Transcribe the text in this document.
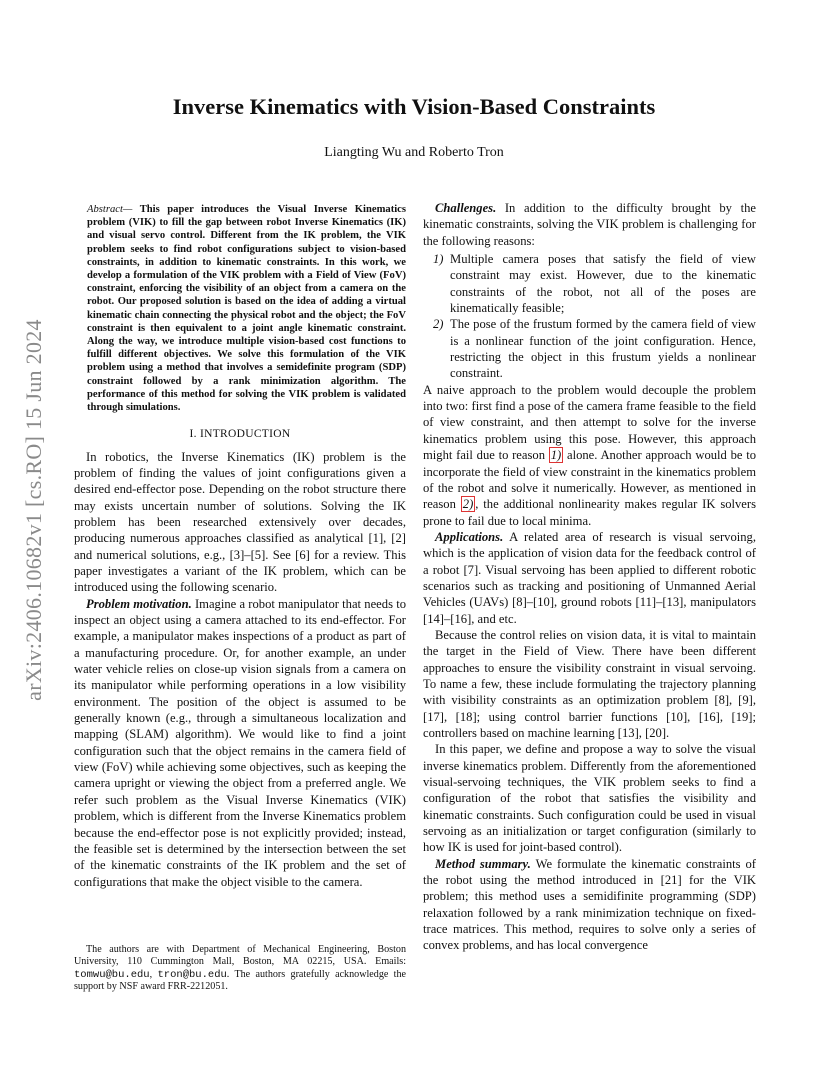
arXiv:2406.10682v1 [cs.RO] 15 Jun 2024
Inverse Kinematics with Vision-Based Constraints
Liangting Wu and Roberto Tron
Abstract— This paper introduces the Visual Inverse Kinematics problem (VIK) to fill the gap between robot Inverse Kinematics (IK) and visual servo control. Different from the IK problem, the VIK problem seeks to find robot configurations subject to vision-based constraints, in addition to kinematic constraints. In this work, we develop a formulation of the VIK problem with a Field of View (FoV) constraint, enforcing the visibility of an object from a camera on the robot. Our proposed solution is based on the idea of adding a virtual kinematic chain connecting the physical robot and the object; the FoV constraint is then equivalent to a joint angle kinematic constraint. Along the way, we introduce multiple vision-based cost functions to fulfill different objectives. We solve this formulation of the VIK problem using a method that involves a semidefinite program (SDP) constraint followed by a rank minimization algorithm. The performance of this method for solving the VIK problem is validated through simulations.
I. INTRODUCTION

In robotics, the Inverse Kinematics (IK) problem is the problem of finding the values of joint configurations given a desired end-effector pose. Depending on the robot structure there may exists uncertain number of solutions. Solving the IK problem has been researched extensively over decades, producing numerous approaches classified as analytical [1], [2] and numerical solutions, e.g., [3]–[5]. See [6] for a review. This paper investigates a variant of the IK problem, which can be introduced using the following scenario.

Problem motivation. Imagine a robot manipulator that needs to inspect an object using a camera attached to its end-effector. For example, a manipulator makes inspections of a product as part of a manufacturing procedure. Or, for another example, an under water vehicle relies on close-up vision signals from a camera on its manipulator while performing operations in a low visibility environment. The position of the object is assumed to be generally known (e.g., through a simultaneous localization and mapping (SLAM) algorithm). We would like to find a joint configuration such that the object remains in the camera field of view (FoV) while achieving some objectives, such as keeping the camera upright or viewing the object from a preferred angle. We refer such problem as the Visual Inverse Kinematics (VIK) problem, which is different from the Inverse Kinematics problem because the end-effector pose is not explicitly provided; instead, the feasible set is determined by the intersection between the set of the kinematic constraints of the IK problem and the set of configurations that make the object visible to the camera.

The authors are with Department of Mechanical Engineering, Boston University, 110 Cummington Mall, Boston, MA 02215, USA. Emails: tomwu@bu.edu, tron@bu.edu. The authors gratefully acknowledge the support by NSF award FRR-2212051.

Challenges. In addition to the difficulty brought by the kinematic constraints, solving the VIK problem is challenging for the following reasons:

1) Multiple camera poses that satisfy the field of view constraint may exist. However, due to the kinematic constraints of the robot, not all of the poses are kinematically feasible;
2) The pose of the frustum formed by the camera field of view is a nonlinear function of the joint configuration. Hence, restricting the object in this frustum yields a nonlinear constraint.

A naive approach to the problem would decouple the problem into two: first find a pose of the camera frame feasible to the field of view constraint, and then attempt to solve for the inverse kinematics problem using this pose. However, this approach might fail due to reason 1) alone. Another approach would be to incorporate the field of view constraint in the kinematics problem of the robot and solve it numerically. However, as mentioned in reason 2) , the additional nonlinearity makes regular IK solvers prone to fail due to local minima.

Applications. A related area of research is visual servoing, which is the application of vision data for the feedback control of a robot [7]. Visual servoing has been applied to different robotic scenarios such as tracking and positioning of Unmanned Aerial Vehicles (UAVs) [8]–[10], ground robots [11]–[13], manipulators [14]–[16], and etc.

Because the control relies on vision data, it is vital to maintain the target in the Field of View. There have been different approaches to ensure the visibility constraint in visual servoing. To name a few, these include formulating the trajectory planning with visibility constraints as an optimization problem [8], [9], [17], [18]; using control barrier functions [10], [16], [19]; controllers based on machine learning [13], [20].

In this paper, we define and propose a way to solve the visual inverse kinematics problem. Differently from the aforementioned visual-servoing techniques, the VIK problem seeks to find a configuration of the robot that satisfies the visibility and kinematic constraints. Such configuration could be used in visual servoing as an initialization or target configuration (similarly to how IK is used for joint-based control).

Method summary. We formulate the kinematic constraints of the robot using the method introduced in [21] for the VIK problem; this method uses a semidifinite programming (SDP) relaxation followed by a rank minimization technique on fixed-trace matrices. This method, requires to solve only a series of convex problems, and has local convergence
